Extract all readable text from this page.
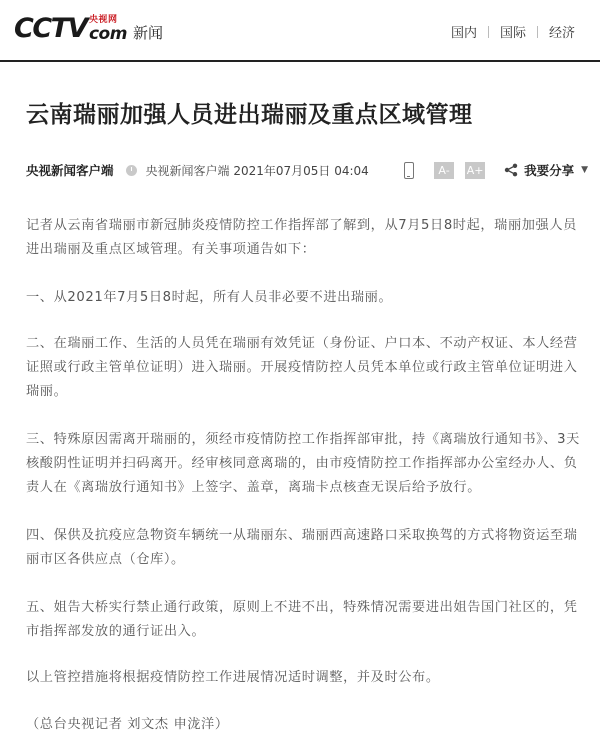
CCTV 央视网
com 新闻	国内	国际	经济
云南瑞丽加强人员进出瑞丽及重点区域管理
央视新闻客户端	央视新闻客户端 2021年07月05日 04:04	A-	A+	我要分享 ▼

记者从云南省瑞丽市新冠肺炎疫情防控工作指挥部了解到，从7月5日8时起，瑞丽加强人员进出瑞丽及重点区域管理。有关事项通告如下：

一、从2021年7月5日8时起，所有人员非必要不进出瑞丽。

二、在瑞丽工作、生活的人员凭在瑞丽有效凭证（身份证、户口本、不动产权证、本人经营证照或行政主管单位证明）进入瑞丽。开展疫情防控人员凭本单位或行政主管单位证明进入瑞丽。

三、特殊原因需离开瑞丽的，须经市疫情防控工作指挥部审批，持《离瑞放行通知书》、3天核酸阴性证明并扫码离开。经审核同意离瑞的，由市疫情防控工作指挥部办公室经办人、负责人在《离瑞放行通知书》上签字、盖章，离瑞卡点核查无误后给予放行。

四、保供及抗疫应急物资车辆统一从瑞丽东、瑞丽西高速路口采取换驾的方式将物资运至瑞丽市区各供应点（仓库）。

五、姐告大桥实行禁止通行政策，原则上不进不出，特殊情况需要进出姐告国门社区的，凭市指挥部发放的通行证出入。

以上管控措施将根据疫情防控工作进展情况适时调整，并及时公布。

（总台央视记者 刘文杰 申泷洋）
